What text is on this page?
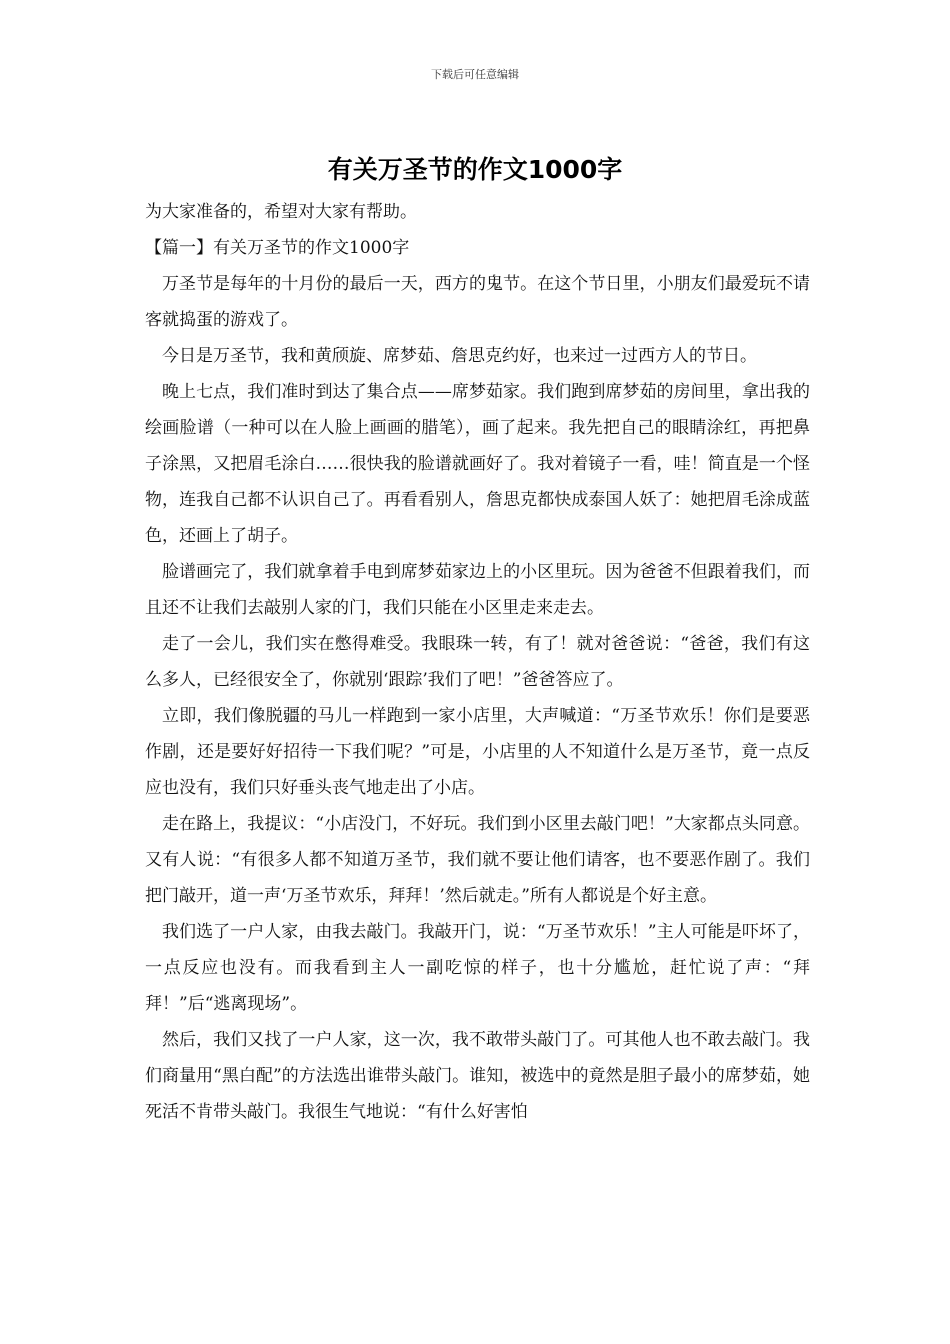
下载后可任意编辑
有关万圣节的作文1000字

为大家准备的，希望对大家有帮助。

【篇一】有关万圣节的作文1000字

万圣节是每年的十月份的最后一天，西方的鬼节。在这个节日里，小朋友们最爱玩不请客就捣蛋的游戏了。

今日是万圣节，我和黄颀旋、席梦茹、詹思克约好，也来过一过西方人的节日。

晚上七点，我们准时到达了集合点——席梦茹家。我们跑到席梦茹的房间里，拿出我的绘画脸谱（一种可以在人脸上画画的腊笔），画了起来。我先把自己的眼睛涂红，再把鼻子涂黑，又把眉毛涂白……很快我的脸谱就画好了。我对着镜子一看，哇！简直是一个怪物，连我自己都不认识自己了。再看看别人，詹思克都快成泰国人妖了：她把眉毛涂成蓝色，还画上了胡子。

脸谱画完了，我们就拿着手电到席梦茹家边上的小区里玩。因为爸爸不但跟着我们，而且还不让我们去敲别人家的门，我们只能在小区里走来走去。

走了一会儿，我们实在憋得难受。我眼珠一转，有了！就对爸爸说：“爸爸，我们有这么多人，已经很安全了，你就别‘跟踪’我们了吧！”爸爸答应了。

立即，我们像脱疆的马儿一样跑到一家小店里，大声喊道：“万圣节欢乐！你们是要恶作剧，还是要好好招待一下我们呢？”可是，小店里的人不知道什么是万圣节，竟一点反应也没有，我们只好垂头丧气地走出了小店。

走在路上，我提议：“小店没门，不好玩。我们到小区里去敲门吧！”大家都点头同意。又有人说：“有很多人都不知道万圣节，我们就不要让他们请客，也不要恶作剧了。我们把门敲开，道一声‘万圣节欢乐，拜拜！’然后就走。”所有人都说是个好主意。

我们选了一户人家，由我去敲门。我敲开门，说：“万圣节欢乐！”主人可能是吓坏了，一点反应也没有。而我看到主人一副吃惊的样子，也十分尴尬，赶忙说了声：“拜拜！”后“逃离现场”。

然后，我们又找了一户人家，这一次，我不敢带头敲门了。可其他人也不敢去敲门。我们商量用“黑白配”的方法选出谁带头敲门。谁知，被选中的竟然是胆子最小的席梦茹，她死活不肯带头敲门。我很生气地说：“有什么好害怕
